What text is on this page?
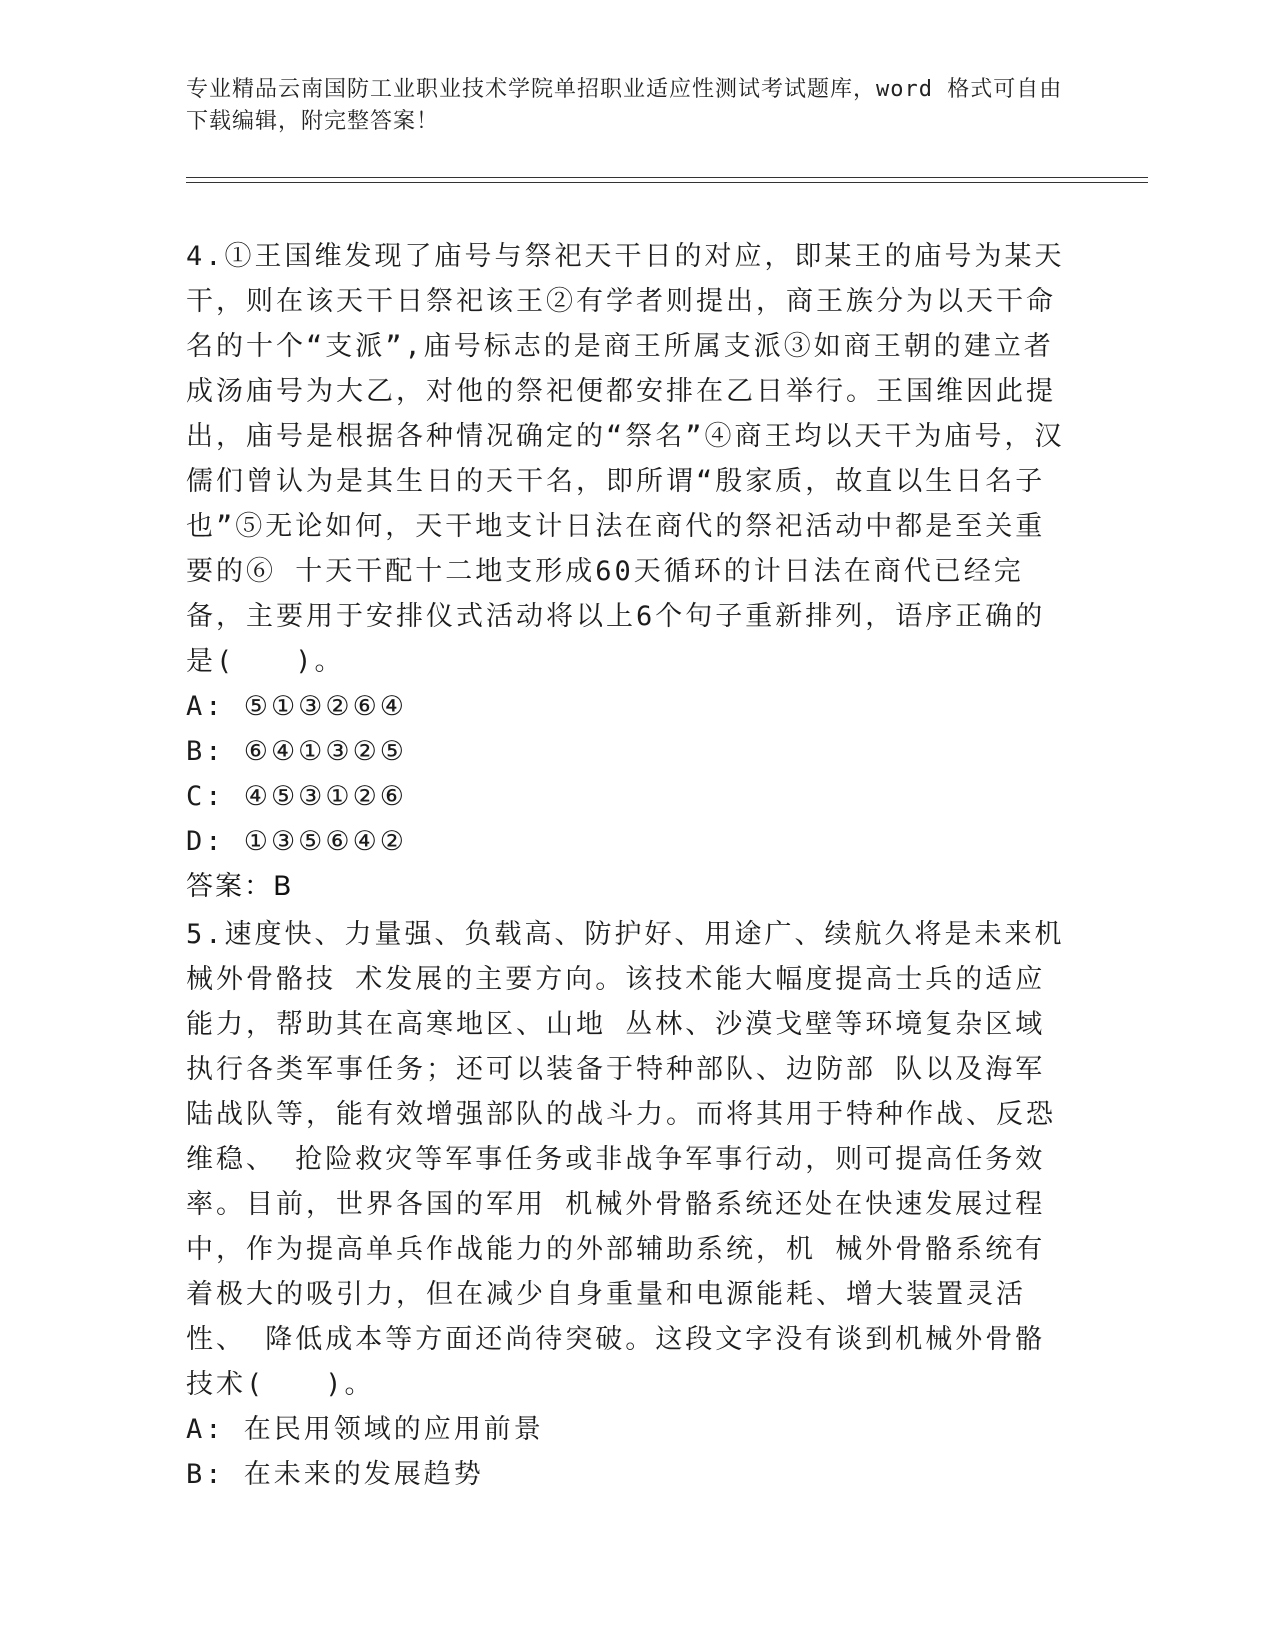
专业精品云南国防工业职业技术学院单招职业适应性测试考试题库，word 格式可自由下载编辑，附完整答案！

4.①王国维发现了庙号与祭祀天干日的对应，即某王的庙号为某天干，则在该天干日祭祀该王②有学者则提出，商王族分为以天干命名的十个“支派”,庙号标志的是商王所属支派③如商王朝的建立者成汤庙号为大乙，对他的祭祀便都安排在乙日举行。王国维因此提出，庙号是根据各种情况确定的“祭名”④商王均以天干为庙号，汉儒们曾认为是其生日的天干名，即所谓“殷家质，故直以生日名子也”⑤无论如何，天干地支计日法在商代的祭祀活动中都是至关重要的⑥ 十天干配十二地支形成60天循环的计日法在商代已经完备，主要用于安排仪式活动将以上6个句子重新排列，语序正确的是(　　)。

A: ⑤①③②⑥④

B: ⑥④①③②⑤

C: ④⑤③①②⑥

D: ①③⑤⑥④②

答案：B

5.速度快、力量强、负载高、防护好、用途广、续航久将是未来机械外骨骼技 术发展的主要方向。该技术能大幅度提高士兵的适应能力，帮助其在高寒地区、山地 丛林、沙漠戈壁等环境复杂区域执行各类军事任务；还可以装备于特种部队、边防部 队以及海军陆战队等，能有效增强部队的战斗力。而将其用于特种作战、反恐维稳、 抢险救灾等军事任务或非战争军事行动，则可提高任务效率。目前，世界各国的军用 机械外骨骼系统还处在快速发展过程中，作为提高单兵作战能力的外部辅助系统，机 械外骨骼系统有着极大的吸引力，但在减少自身重量和电源能耗、增大装置灵活性、 降低成本等方面还尚待突破。这段文字没有谈到机械外骨骼技术(　　)。

A: 在民用领域的应用前景

B: 在未来的发展趋势
